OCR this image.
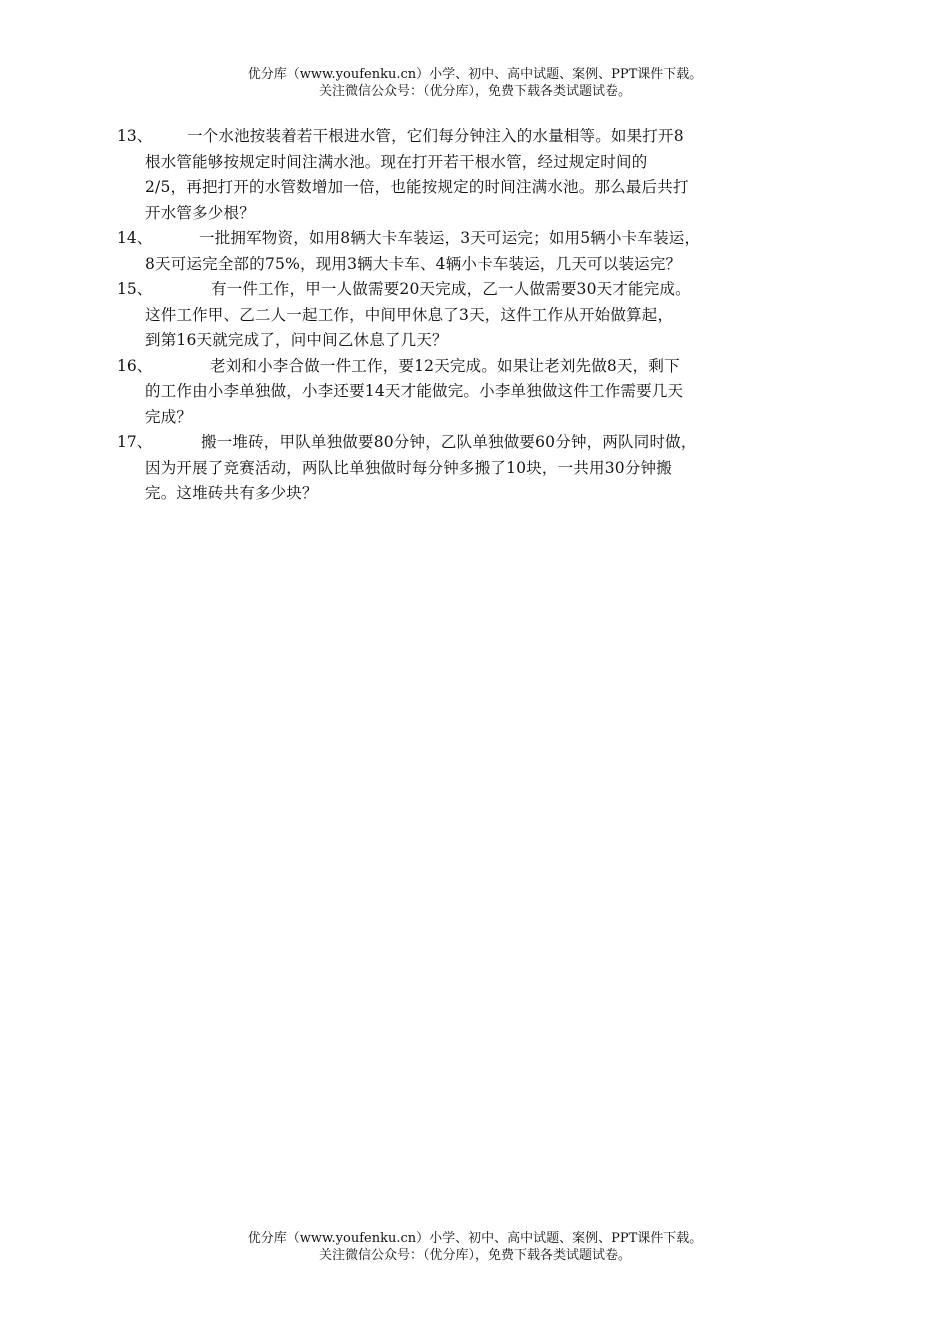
优分库（www.youfenku.cn）小学、初中、高中试题、案例、PPT课件下载。
关注微信公众号：（优分库），免费下载各类试题试卷。
13、	一个水池按装着若干根进水管，它们每分钟注入的水量相等。如果打开8
根水管能够按规定时间注满水池。现在打开若干根水管，经过规定时间的
2/5，再把打开的水管数增加一倍，也能按规定的时间注满水池。那么最后共打
开水管多少根？
14、	一批拥军物资，如用8辆大卡车装运，3天可运完；如用5辆小卡车装运，
8天可运完全部的75%，现用3辆大卡车、4辆小卡车装运，几天可以装运完？
15、	有一件工作，甲一人做需要20天完成，乙一人做需要30天才能完成。
这件工作甲、乙二人一起工作，中间甲休息了3天，这件工作从开始做算起，
到第16天就完成了，问中间乙休息了几天？
16、	老刘和小李合做一件工作，要12天完成。如果让老刘先做8天，剩下
的工作由小李单独做，小李还要14天才能做完。小李单独做这件工作需要几天
完成？
17、	搬一堆砖，甲队单独做要80分钟，乙队单独做要60分钟，两队同时做，
因为开展了竞赛活动，两队比单独做时每分钟多搬了10块，一共用30分钟搬
完。这堆砖共有多少块？
优分库（www.youfenku.cn）小学、初中、高中试题、案例、PPT课件下载。
关注微信公众号：（优分库），免费下载各类试题试卷。
